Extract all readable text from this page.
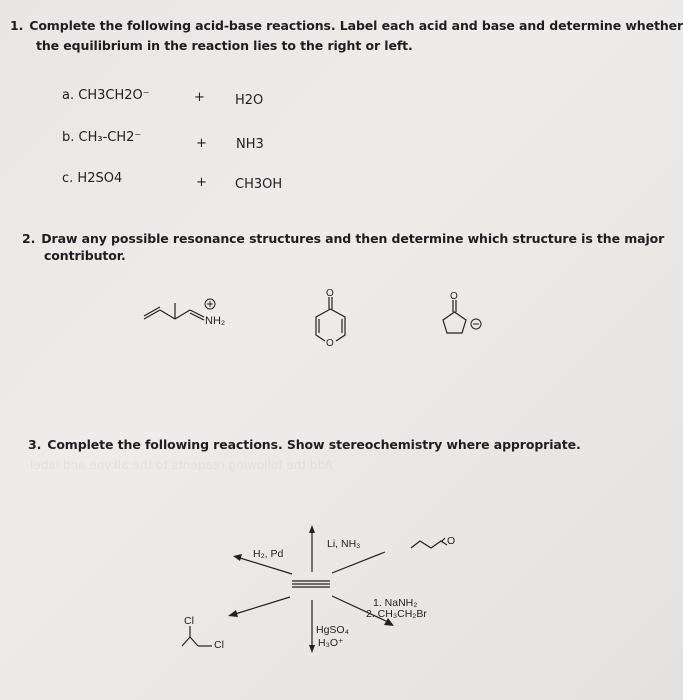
Add the following reagents to the alkyne and label
1. Complete the following acid-base reactions. Label each acid and base and determine whether
the equilibrium in the reaction lies to the right or left.
a. CH3CH2O⁻	+ H2O
b. CH₃-CH2⁻	+ NH3
c. H2SO4	+ CH3OH
2. Draw any possible resonance structures and then determine which structure is the major
contributor.
NH₂
O
O
O
3. Complete the following reactions. Show stereochemistry where appropriate.
H₂, Pd
Li, NH₃	O
1. NaNH₂
2. CH₃CH₂Br
HgSO₄
H₃O⁺
Cl
Cl
